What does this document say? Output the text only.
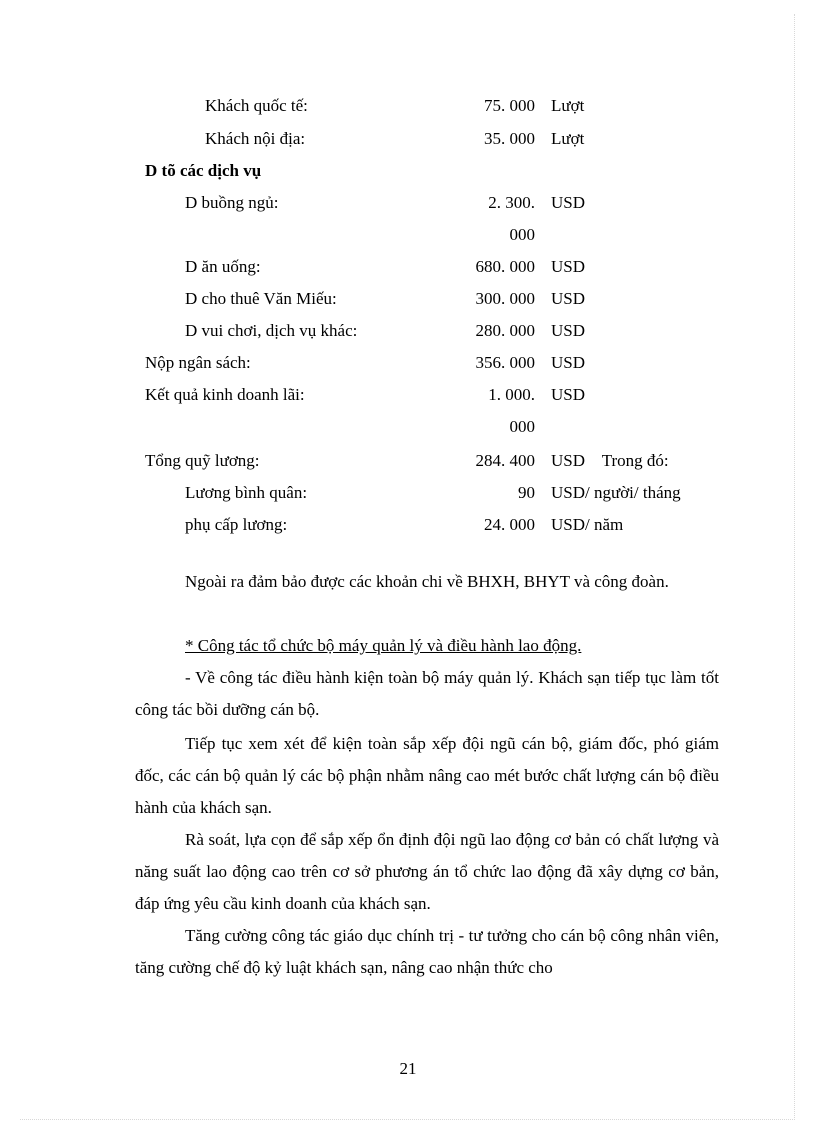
Khách quốc tế:	75. 000 Lượt
Khách nội địa:	35. 000 Lượt
D tõ các dịch vụ
D buồng ngủ:	2. 300. USD
000
D ăn uống:	680. 000 USD
D cho thuê Văn Miếu:	300. 000 USD
D vui chơi, dịch vụ khác:	280. 000 USD
Nộp ngân sách:	356. 000 USD
Kết quả kinh doanh lãi:	1. 000. USD
000
Tổng quỹ lương:	284. 400 USD    Trong đó:
Lương bình quân:	90 USD/ người/ tháng
phụ cấp lương:	24. 000 USD/ năm

Ngoài ra đảm bảo được các khoản chi về BHXH, BHYT và công đoàn.

* Công tác tổ chức bộ máy quản lý và điều hành lao động.

- Về công tác điều hành kiện toàn bộ máy quản lý. Khách sạn tiếp tục làm tốt công tác bồi dưỡng cán bộ.

Tiếp tục xem xét để kiện toàn sắp xếp đội ngũ cán bộ, giám đốc, phó giám đốc, các cán bộ quản lý các bộ phận nhằm nâng cao mét bước chất lượng cán bộ điều hành của khách sạn.

Rà soát, lựa cọn để sắp xếp ổn định đội ngũ lao động cơ bản có chất lượng và năng suất lao động cao trên cơ sở phương án tổ chức lao động đã xây dựng cơ bản, đáp ứng yêu cầu kinh doanh của khách sạn.

Tăng cường công tác giáo dục chính trị - tư tưởng cho cán bộ công nhân viên, tăng cường chế độ kỷ luật khách sạn, nâng cao nhận thức cho

21
